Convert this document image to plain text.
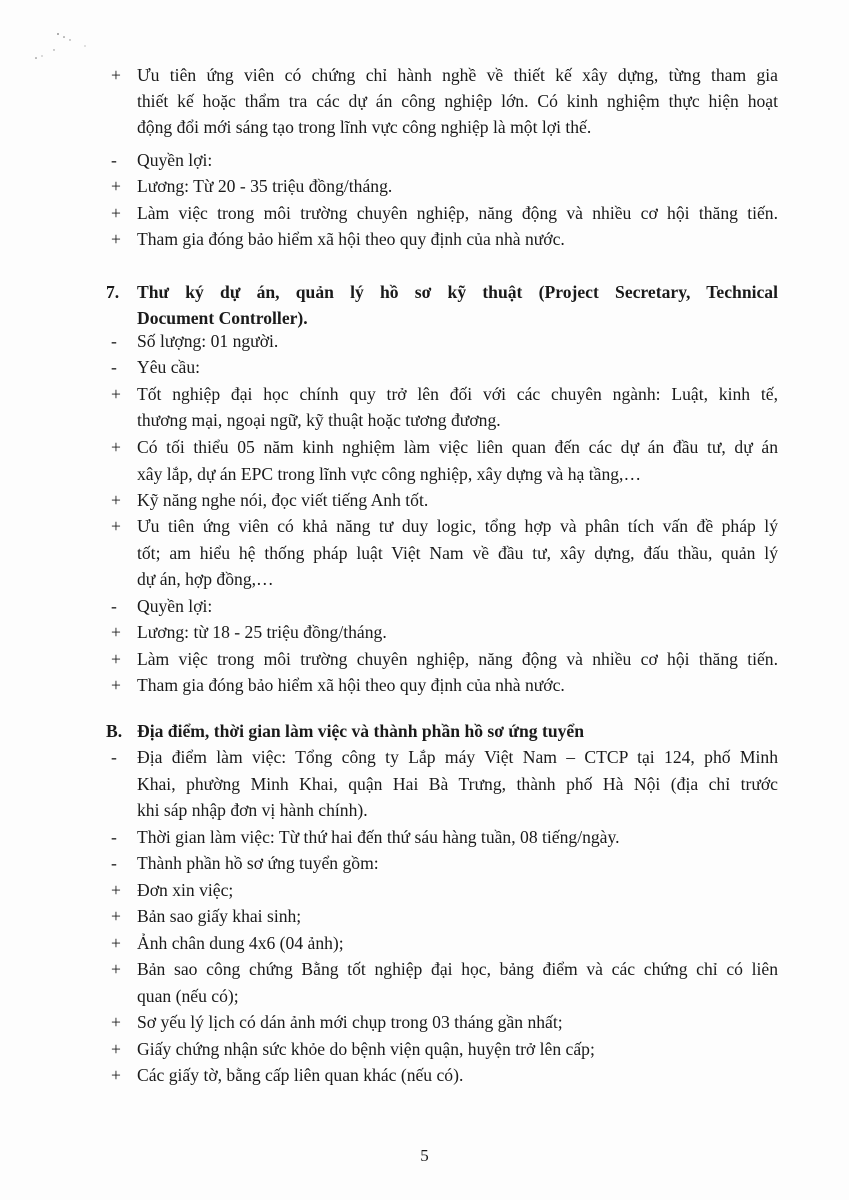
+ Ưu tiên ứng viên có chứng chỉ hành nghề về thiết kế xây dựng, từng tham gia
thiết kế hoặc thẩm tra các dự án công nghiệp lớn. Có kinh nghiệm thực hiện hoạt
động đổi mới sáng tạo trong lĩnh vực công nghiệp là một lợi thế.
- Quyền lợi:
+ Lương: Từ 20 - 35 triệu đồng/tháng.
+ Làm việc trong môi trường chuyên nghiệp, năng động và nhiều cơ hội thăng tiến.
+ Tham gia đóng bảo hiểm xã hội theo quy định của nhà nước.
7. Thư ký dự án, quản lý hồ sơ kỹ thuật (Project Secretary, Technical
Document Controller).
- Số lượng: 01 người.
- Yêu cầu:
+ Tốt nghiệp đại học chính quy trở lên đối với các chuyên ngành: Luật, kinh tế,
thương mại, ngoại ngữ, kỹ thuật hoặc tương đương.
+ Có tối thiểu 05 năm kinh nghiệm làm việc liên quan đến các dự án đầu tư, dự án
xây lắp, dự án EPC trong lĩnh vực công nghiệp, xây dựng và hạ tầng,…
+ Kỹ năng nghe nói, đọc viết tiếng Anh tốt.
+ Ưu tiên ứng viên có khả năng tư duy logic, tổng hợp và phân tích vấn đề pháp lý
tốt; am hiểu hệ thống pháp luật Việt Nam về đầu tư, xây dựng, đấu thầu, quản lý
dự án, hợp đồng,…
- Quyền lợi:
+ Lương: từ 18 - 25 triệu đồng/tháng.
+ Làm việc trong môi trường chuyên nghiệp, năng động và nhiều cơ hội thăng tiến.
+ Tham gia đóng bảo hiểm xã hội theo quy định của nhà nước.
B. Địa điểm, thời gian làm việc và thành phần hồ sơ ứng tuyển
- Địa điểm làm việc: Tổng công ty Lắp máy Việt Nam – CTCP tại 124, phố Minh
Khai, phường Minh Khai, quận Hai Bà Trưng, thành phố Hà Nội (địa chỉ trước
khi sáp nhập đơn vị hành chính).
- Thời gian làm việc: Từ thứ hai đến thứ sáu hàng tuần, 08 tiếng/ngày.
- Thành phần hồ sơ ứng tuyển gồm:
+ Đơn xin việc;
+ Bản sao giấy khai sinh;
+ Ảnh chân dung 4x6 (04 ảnh);
+ Bản sao công chứng Bằng tốt nghiệp đại học, bảng điểm và các chứng chỉ có liên
quan (nếu có);
+ Sơ yếu lý lịch có dán ảnh mới chụp trong 03 tháng gần nhất;
+ Giấy chứng nhận sức khỏe do bệnh viện quận, huyện trở lên cấp;
+ Các giấy tờ, bằng cấp liên quan khác (nếu có).
5
